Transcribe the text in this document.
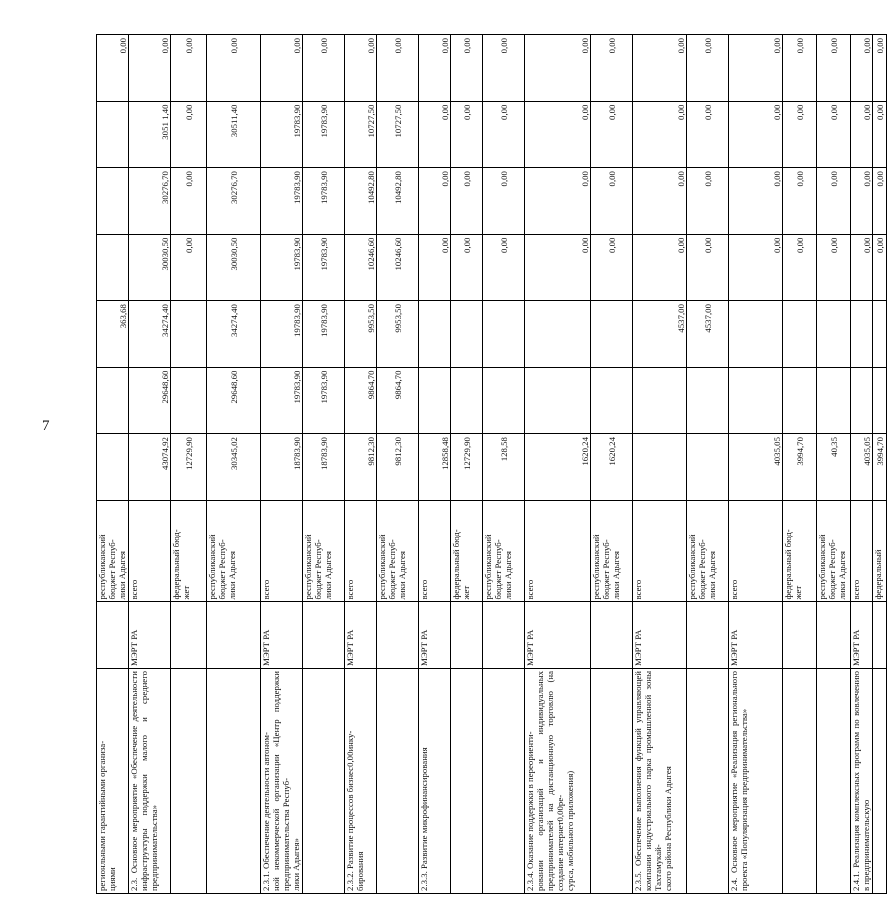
7
регионльными гарантийными организа-
циями		республиканский
бюджет Респуб-
лики Адыгея			363,68				0,00
2.3. Основное мероприятие «Обеспечение деятельности инфраструктуры поддержки малого и среднего предпринимательства»	МЭРТ РА	всего	43074,92	29648,60	34274,40	30030,50	30276,70	3051 1,40	0,00
		федеральный бюд-
жет	12729,90			0,00	0,00	0,00	0,00
		республиканский
бюджет Респуб-
лики Адыгея	30345,02	29648,60	34274,40	30030,50	30276,70	30511,40	0,00
2.3.1. Обеспечение деятельности автоном-
ной некоммерческой организации «Центр поддержки предпринимательства Респуб-
лики Адыгея»	МЭРТ РА	всего	18783,90	19783,90	19783,90	19783,90	19783,90	19783,90	0,00
		республиканский
бюджет Респуб-
лики Адыгея	18783,90	19783,90	19783,90	19783,90	19783,90	19783,90	0,00
2.3.2. Развитие процессов бизнес0,00инку-
бирования	МЭРТ РА	всего	9812,30	9864,70	9953,50	10246,60	10492,80	10727,50	0,00
		республиканский
бюджет Респуб-
лики Адыгея	9812,30	9864,70	9953,50	10246,60	10492,80	10727,50	0,00
2.3.3. Развитие микрофинансирования	МЭРТ РА	всего	12858,48			0,00	0,00	0,00	0,00
		федеральный бюд-
жет	12729,90			0,00	0,00	0,00	0,00
		республиканский
бюджет Респуб-
лики Адыгея	128,58			0,00	0,00	0,00	0,00
2.3.4. Оказание поддержки в переориенти-
ровании организаций и индивидуальных предпринимателей на дистанционную торговлю (на создание интернет0,00ре-
сурса, мобильного приложения)	МЭРТ РА	всего	1620,24			0,00	0,00	0,00	0,00
		республиканский
бюджет Респуб-
лики Адыгея	1620,24			0,00	0,00	0,00	0,00
2.3.5. Обеспечение выполнения функций управляющей компании индустриального парка промышленной зоны Тахтамукай-
ского района Республики Адыгея	МЭРТ РА	всего			4537,00	0,00	0,00	0,00	0,00
		республиканский
бюджет Респуб-
лики Адыгея			4537,00	0,00	0,00	0,00	0,00
2.4. Основное мероприятие «Реализация регионального проекта «Популяризация предпринимательства»	МЭРТ РА	всего	4035,05			0,00	0,00	0,00	0,00
		федеральный бюд-
жет	3994,70			0,00	0,00	0,00	0,00
		республиканский
бюджет Респуб-
лики Адыгея	40,35			0,00	0,00	0,00	0,00
2.4.1. Реализация комплексных программ по вовлечению в предпринимательскую	МЭРТ РА	всего	4035,05			0,00	0,00	0,00	0,00
		федеральный	3994,70			0,00	0,00	0,00	0,00
